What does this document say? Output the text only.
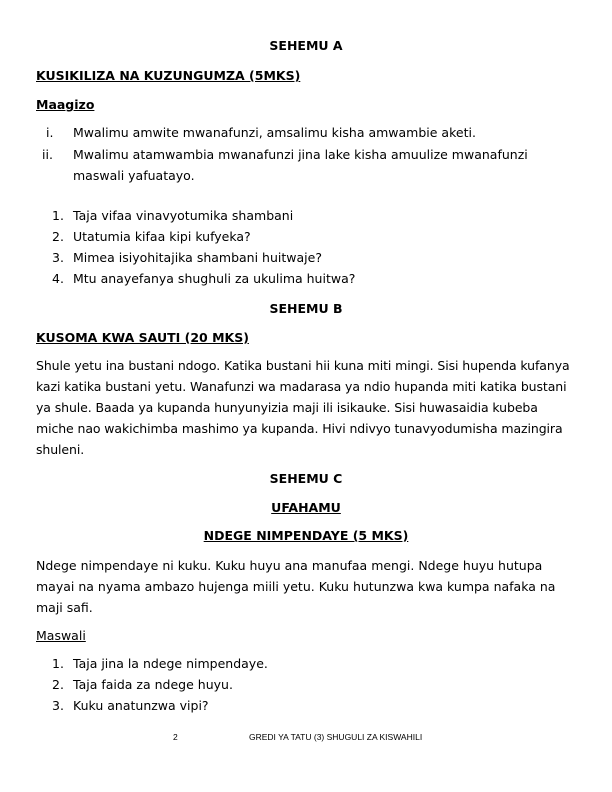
SEHEMU A
KUSIKILIZA NA KUZUNGUMZA (5MKS)
Maagizo
i. Mwalimu amwite mwanafunzi, amsalimu kisha amwambie aketi.
ii. Mwalimu atamwambia mwanafunzi jina lake kisha amuulize mwanafunzi
maswali yafuatayo.
1. Taja vifaa vinavyotumika shambani
2. Utatumia kifaa kipi kufyeka?
3. Mimea isiyohitajika shambani huitwaje?
4. Mtu anayefanya shughuli za ukulima huitwa?
SEHEMU B
KUSOMA KWA SAUTI (20 MKS)
Shule yetu ina bustani ndogo. Katika bustani hii kuna miti mingi. Sisi hupenda kufanya kazi katika bustani yetu. Wanafunzi wa madarasa ya ndio hupanda miti katika bustani ya shule. Baada ya kupanda hunyunyizia maji ili isikauke. Sisi huwasaidia kubeba miche nao wakichimba mashimo ya kupanda. Hivi ndivyo tunavyodumisha mazingira shuleni.
SEHEMU C
UFAHAMU
NDEGE NIMPENDAYE (5 MKS)
Ndege nimpendaye ni kuku. Kuku huyu ana manufaa mengi. Ndege huyu hutupa mayai na nyama ambazo hujenga miili yetu. Kuku hutunzwa kwa kumpa nafaka na maji safi.
Maswali
1. Taja jina la ndege nimpendaye.
2. Taja faida za ndege huyu.
3. Kuku anatunzwa vipi?
2	GREDI YA TATU (3) SHUGULI ZA KISWAHILI
